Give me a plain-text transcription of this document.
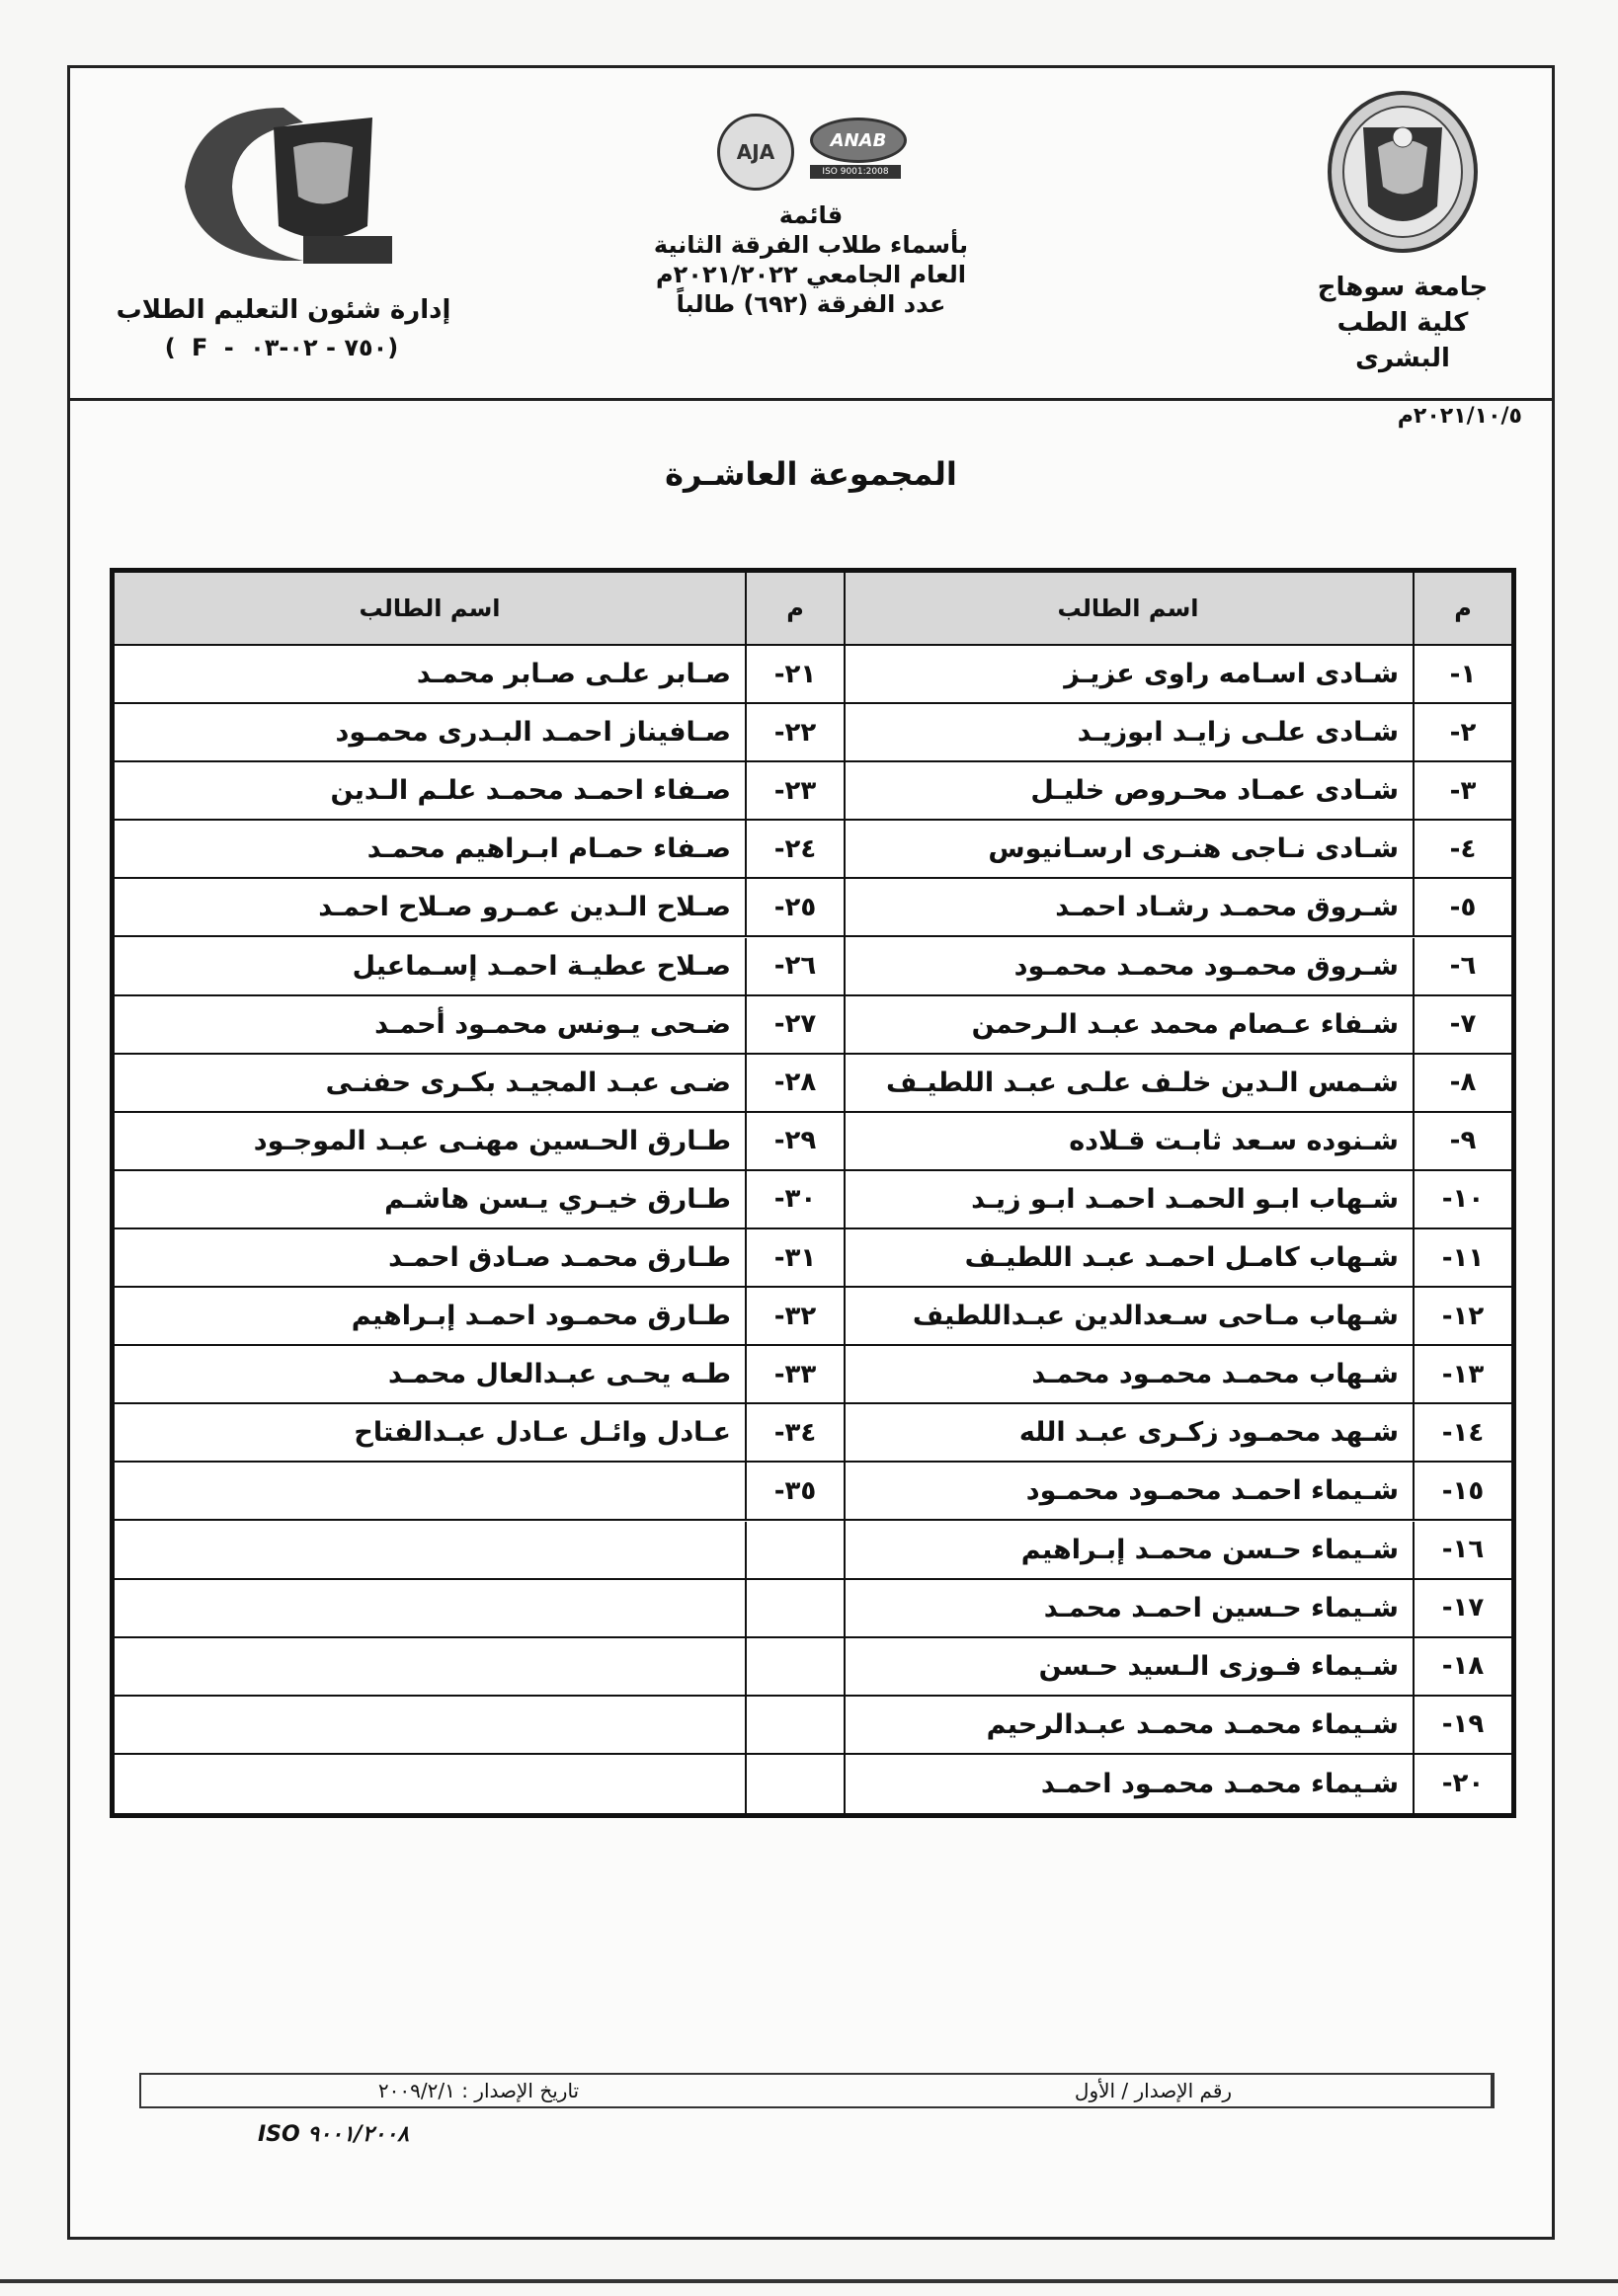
جامعة سوهاج
كلية الطب البشرى
AJA	ANAB
ISO 9001:2008
قائمة
بأسماء طلاب الفرقة الثانية
العام الجامعي ٢٠٢١/٢٠٢٢م
عدد الفرقة (٦٩٢) طالباً
إدارة شئون التعليم الطلاب
( F - ٧٥٠ - ٠٢-٠٣)
٢٠٢١/١٠/٥م
المجموعة العاشـرة
م
اسم الطالب
١-
شـادى اسـامه راوى عزيـز
٢-
شـادى علـى زايـد ابوزيـد
٣-
شـادى عمـاد محـروص خليـل
٤-
شـادى نـاجى هنـرى ارسـانيوس
٥-
شـروق محمـد رشـاد احمـد
٦-
شـروق محمـود محمـد محمـود
٧-
شـفاء عـصام محمد عبـد الـرحمن
٨-
شـمس الـدين خلـف علـى عبـد اللطيـف
٩-
شـنوده سـعد ثابـت قـلاده
١٠-
شـهاب ابـو الحمـد احمـد ابـو زيـد
١١-
شـهاب كامـل احمـد عبـد اللطيـف
١٢-
شـهاب مـاحى سـعدالدين عبـداللطيف
١٣-
شـهاب محمـد محمـود محمـد
١٤-
شـهد محمـود زكـرى عبـد الله
١٥-
شـيماء احمـد محمـود محمـود
١٦-
شـيماء حـسن محمـد إبـراهيم
١٧-
شـيماء حـسين احمـد محمـد
١٨-
شـيماء فـوزى الـسيد حـسن
١٩-
شـيماء محمـد محمـد عبـدالرحيم
٢٠-
شـيماء محمـد محمـود احمـد
م
اسم الطالب
٢١-
صـابر علـى صـابر محمـد
٢٢-
صـافيناز احمـد البـدرى محمـود
٢٣-
صـفاء احمـد محمـد علـم الـدين
٢٤-
صـفاء حمـام ابـراهيم محمـد
٢٥-
صـلاح الـدين عمـرو صـلاح احمـد
٢٦-
صـلاح عطيـة احمـد إسـماعيل
٢٧-
ضـحى يـونس محمـود أحمـد
٢٨-
ضـى عبـد المجيـد بكـرى حفنـى
٢٩-
طـارق الحـسين مهنـى عبـد الموجـود
٣٠-
طـارق خيـري يـسن هاشـم
٣١-
طـارق محمـد صـادق احمـد
٣٢-
طـارق محمـود احمـد إبـراهيم
٣٣-
طـه يحـى عبـدالعال محمـد
٣٤-
عـادل وائـل عـادل عبـدالفتاح
٣٥-
تاريخ الإصدار : ٢٠٠٩/٢/١	رقم الإصدار / الأول
ISO ٩٠٠١/٢٠٠٨
